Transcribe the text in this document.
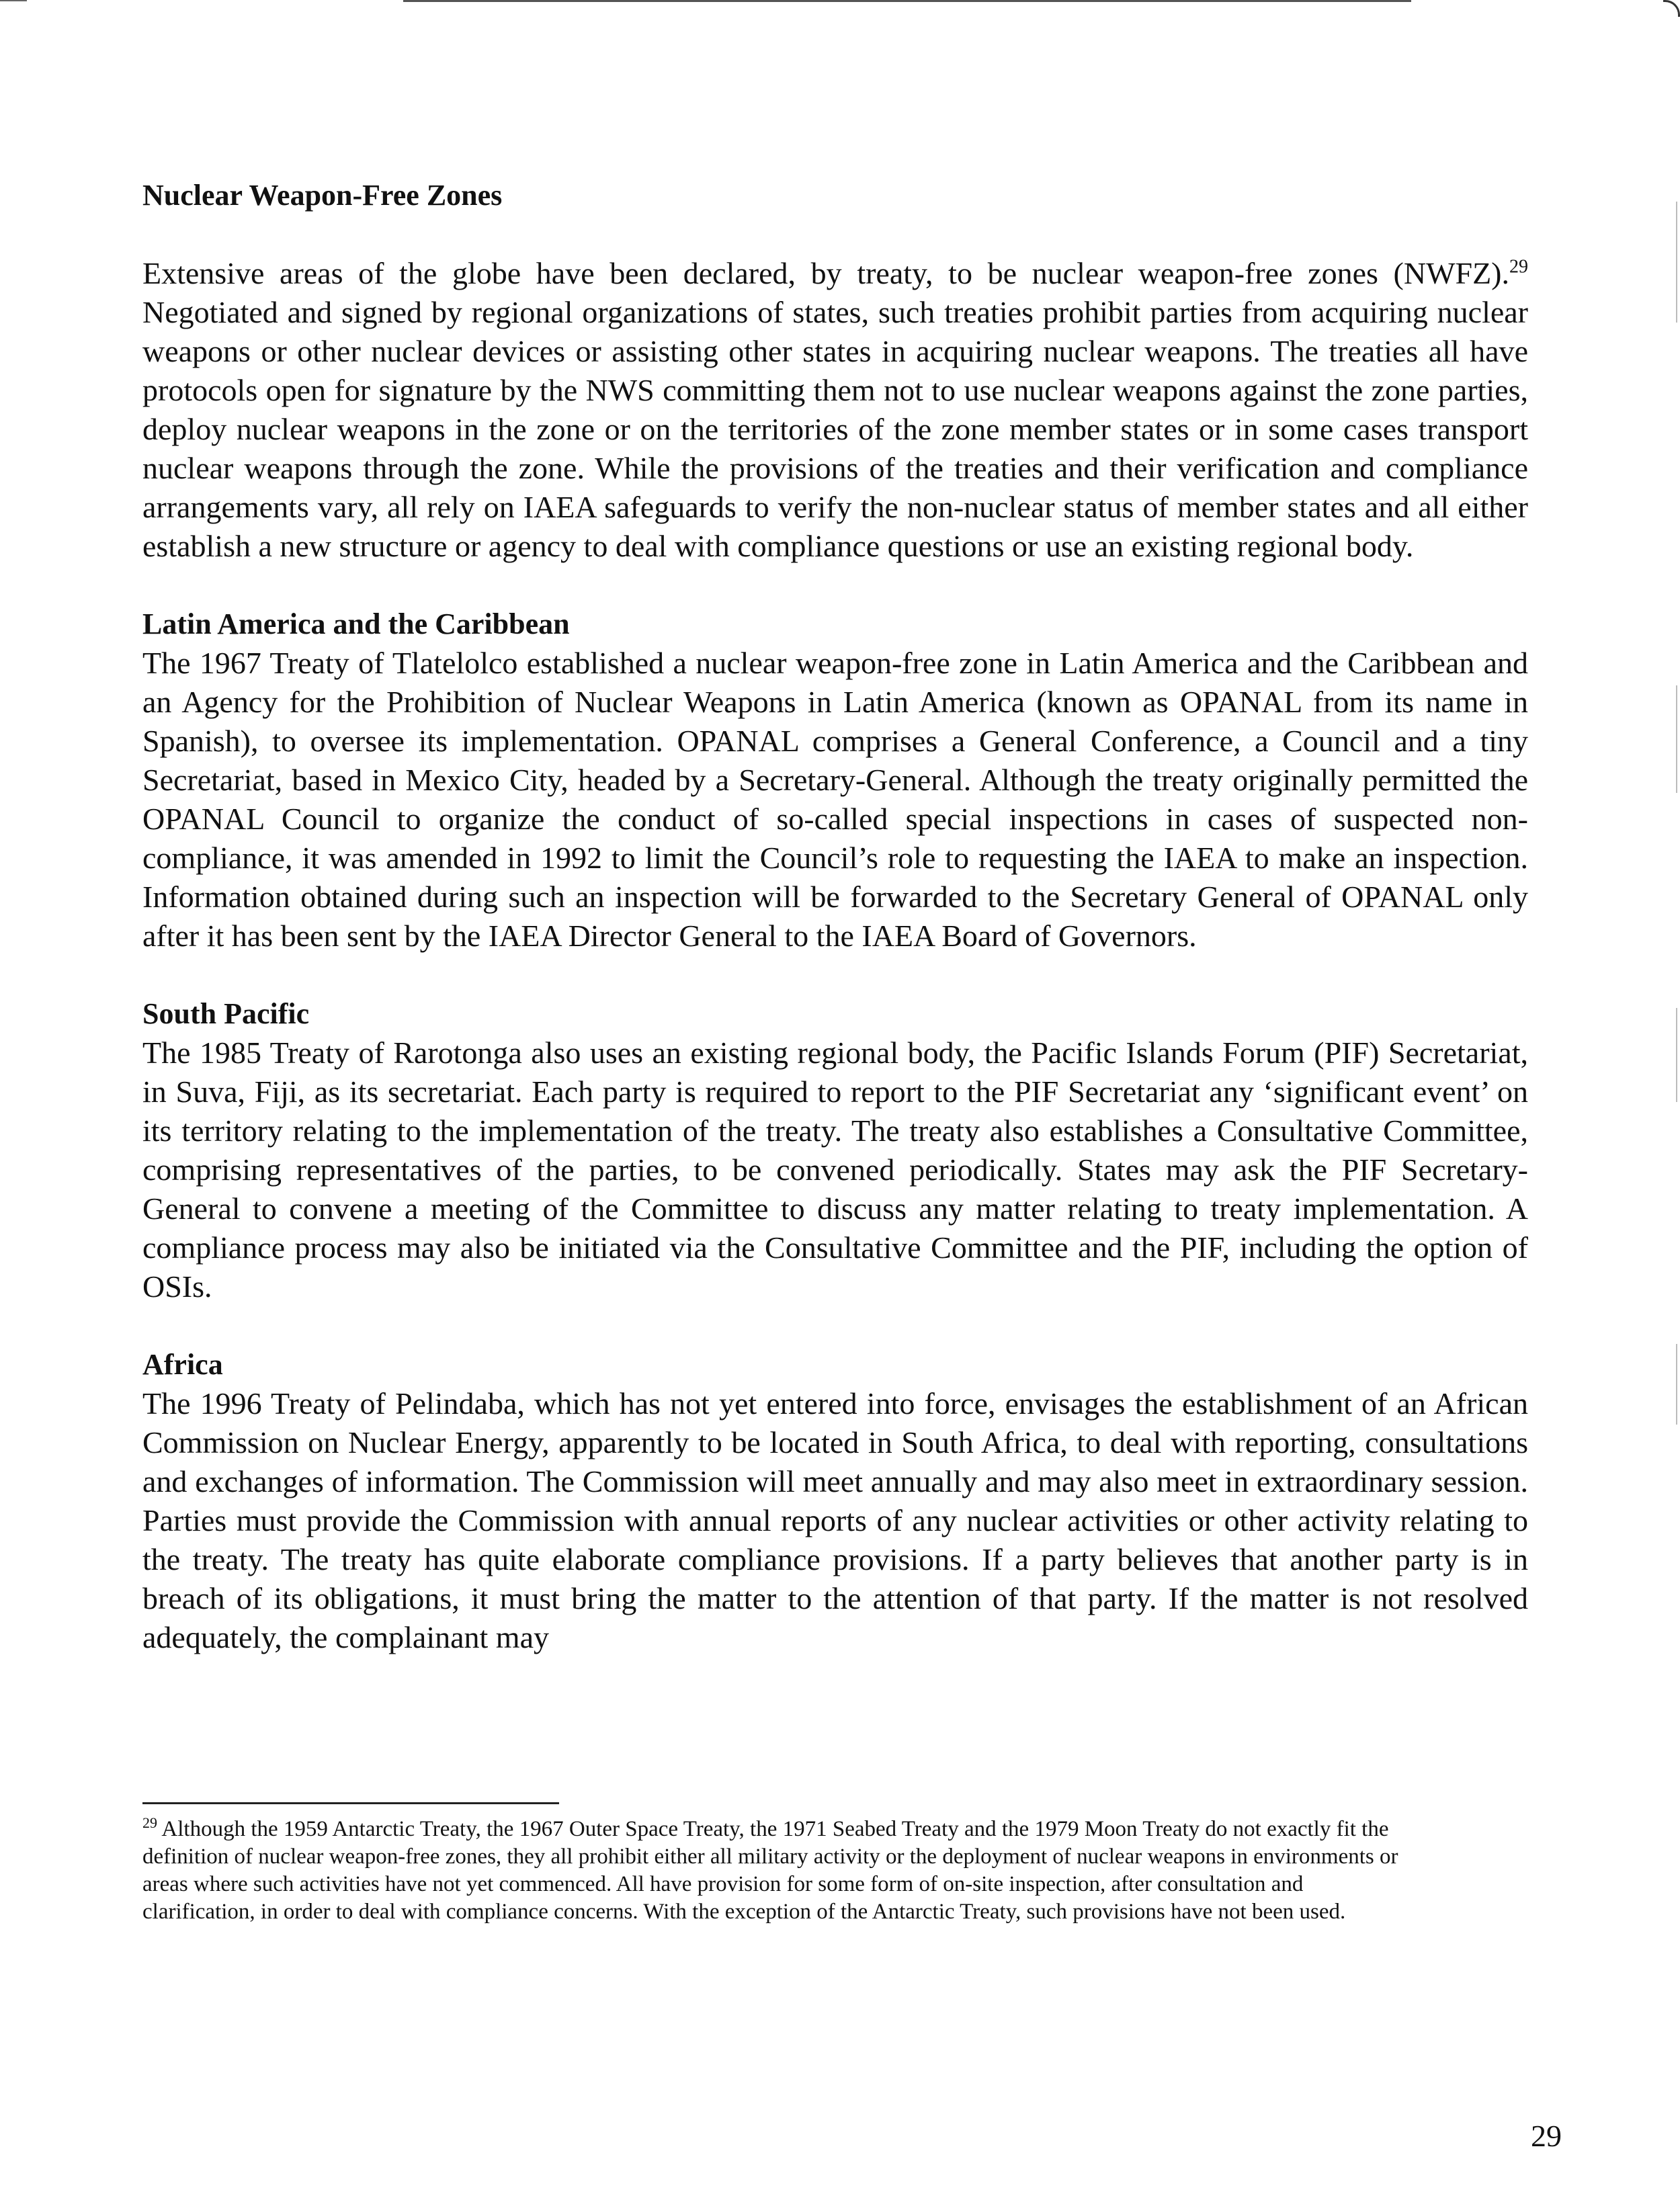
Nuclear Weapon-Free Zones

Extensive areas of the globe have been declared, by treaty, to be nuclear weapon-free zones (NWFZ).$^{29}$ Negotiated and signed by regional organizations of states, such treaties prohibit parties from acquiring nuclear weapons or other nuclear devices or assisting other states in acquiring nuclear weapons. The treaties all have protocols open for signature by the NWS committing them not to use nuclear weapons against the zone parties, deploy nuclear weapons in the zone or on the territories of the zone member states or in some cases transport nuclear weapons through the zone. While the provisions of the treaties and their verification and compliance arrangements vary, all rely on IAEA safeguards to verify the non-nuclear status of member states and all either establish a new structure or agency to deal with compliance questions or use an existing regional body.

Latin America and the Caribbean

The 1967 Treaty of Tlatelolco established a nuclear weapon-free zone in Latin America and the Caribbean and an Agency for the Prohibition of Nuclear Weapons in Latin America (known as OPANAL from its name in Spanish), to oversee its implementation. OPANAL comprises a General Conference, a Council and a tiny Secretariat, based in Mexico City, headed by a Secretary-General. Although the treaty originally permitted the OPANAL Council to organize the conduct of so-called special inspections in cases of suspected non-compliance, it was amended in 1992 to limit the Council’s role to requesting the IAEA to make an inspection. Information obtained during such an inspection will be forwarded to the Secretary General of OPANAL only after it has been sent by the IAEA Director General to the IAEA Board of Governors.

South Pacific

The 1985 Treaty of Rarotonga also uses an existing regional body, the Pacific Islands Forum (PIF) Secretariat, in Suva, Fiji, as its secretariat. Each party is required to report to the PIF Secretariat any ‘significant event’ on its territory relating to the implementation of the treaty. The treaty also establishes a Consultative Committee, comprising representatives of the parties, to be convened periodically. States may ask the PIF Secretary-General to convene a meeting of the Committee to discuss any matter relating to treaty implementation. A compliance process may also be initiated via the Consultative Committee and the PIF, including the option of OSIs.

Africa

The 1996 Treaty of Pelindaba, which has not yet entered into force, envisages the establishment of an African Commission on Nuclear Energy, apparently to be located in South Africa, to deal with reporting, consultations and exchanges of information. The Commission will meet annually and may also meet in extraordinary session. Parties must provide the Commission with annual reports of any nuclear activities or other activity relating to the treaty. The treaty has quite elaborate compliance provisions. If a party believes that another party is in breach of its obligations, it must bring the matter to the attention of that party. If the matter is not resolved adequately, the complainant may

$^{29}$ Although the 1959 Antarctic Treaty, the 1967 Outer Space Treaty, the 1971 Seabed Treaty and the 1979 Moon Treaty do not exactly fit the definition of nuclear weapon-free zones, they all prohibit either all military activity or the deployment of nuclear weapons in environments or areas where such activities have not yet commenced. All have provision for some form of on-site inspection, after consultation and clarification, in order to deal with compliance concerns. With the exception of the Antarctic Treaty, such provisions have not been used.

29
